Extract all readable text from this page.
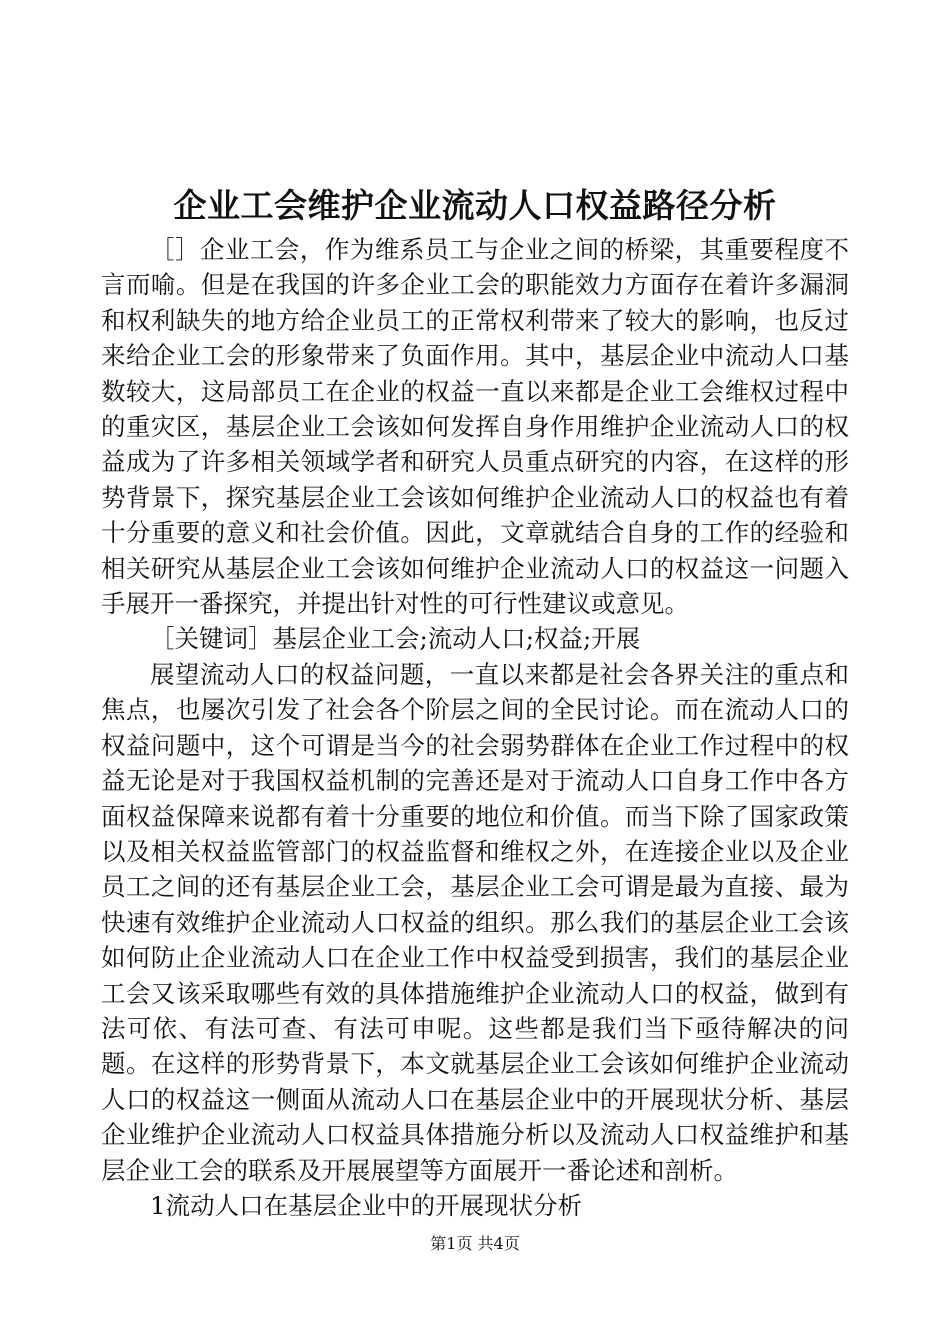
企业工会维护企业流动人口权益路径分析

［］企业工会，作为维系员工与企业之间的桥梁，其重要程度不言而喻。但是在我国的许多企业工会的职能效力方面存在着许多漏洞和权利缺失的地方给企业员工的正常权利带来了较大的影响，也反过来给企业工会的形象带来了负面作用。其中，基层企业中流动人口基数较大，这局部员工在企业的权益一直以来都是企业工会维权过程中的重灾区，基层企业工会该如何发挥自身作用维护企业流动人口的权益成为了许多相关领域学者和研究人员重点研究的内容，在这样的形势背景下，探究基层企业工会该如何维护企业流动人口的权益也有着十分重要的意义和社会价值。因此，文章就结合自身的工作的经验和相关研究从基层企业工会该如何维护企业流动人口的权益这一问题入手展开一番探究，并提出针对性的可行性建议或意见。

［关键词］基层企业工会;流动人口;权益;开展

展望流动人口的权益问题，一直以来都是社会各界关注的重点和焦点，也屡次引发了社会各个阶层之间的全民讨论。而在流动人口的权益问题中，这个可谓是当今的社会弱势群体在企业工作过程中的权益无论是对于我国权益机制的完善还是对于流动人口自身工作中各方面权益保障来说都有着十分重要的地位和价值。而当下除了国家政策以及相关权益监管部门的权益监督和维权之外，在连接企业以及企业员工之间的还有基层企业工会，基层企业工会可谓是最为直接、最为快速有效维护企业流动人口权益的组织。那么我们的基层企业工会该如何防止企业流动人口在企业工作中权益受到损害，我们的基层企业工会又该采取哪些有效的具体措施维护企业流动人口的权益，做到有法可依、有法可查、有法可申呢。这些都是我们当下亟待解决的问题。在这样的形势背景下，本文就基层企业工会该如何维护企业流动人口的权益这一侧面从流动人口在基层企业中的开展现状分析、基层企业维护企业流动人口权益具体措施分析以及流动人口权益维护和基层企业工会的联系及开展展望等方面展开一番论述和剖析。

1流动人口在基层企业中的开展现状分析

第1页 共4页
